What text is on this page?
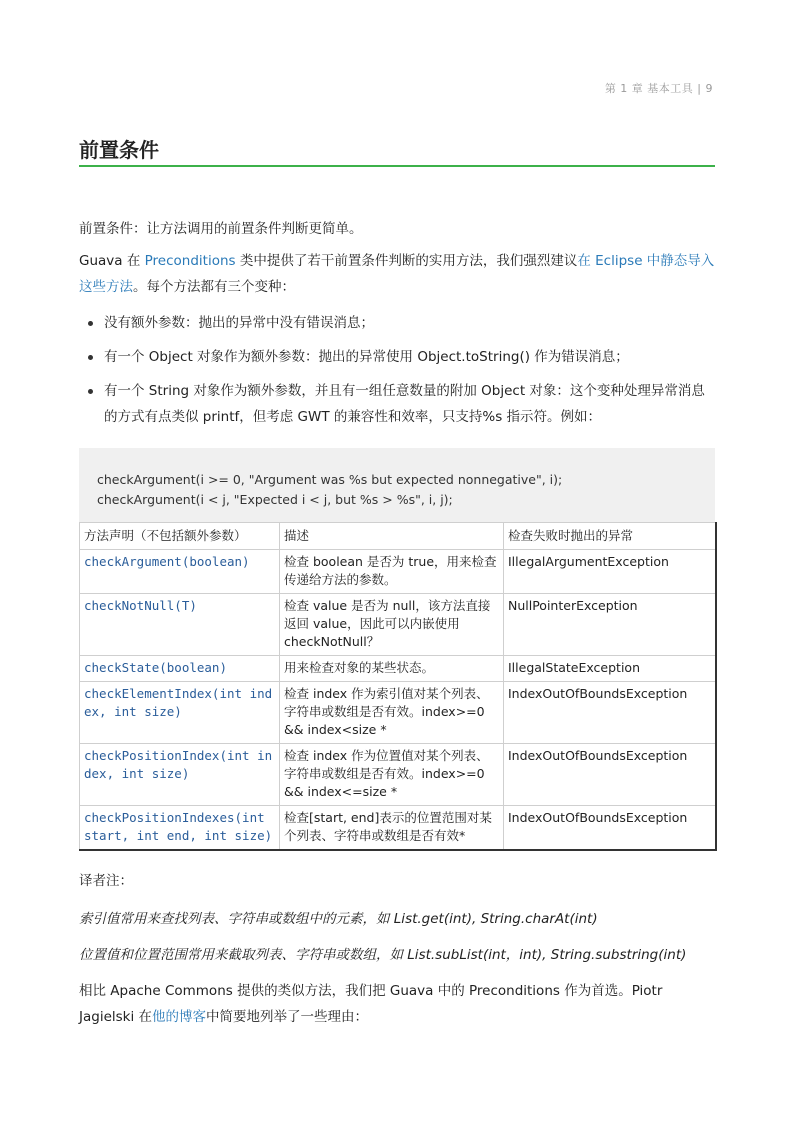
第 1 章 基本工具 | 9
前置条件

前置条件：让方法调用的前置条件判断更简单。

Guava 在 Preconditions 类中提供了若干前置条件判断的实用方法，我们强烈建议在 Eclipse 中静态导入这些方法。每个方法都有三个变种：

没有额外参数：抛出的异常中没有错误消息；
有一个 Object 对象作为额外参数：抛出的异常使用 Object.toString() 作为错误消息；
有一个 String 对象作为额外参数，并且有一组任意数量的附加 Object 对象：这个变种处理异常消息的方式有点类似 printf，但考虑 GWT 的兼容性和效率，只支持%s 指示符。例如：
checkArgument(i >= 0, "Argument was %s but expected nonnegative", i);
checkArgument(i < j, "Expected i < j, but %s > %s", i, j);
方法声明（不包括额外参数）	描述	检查失败时抛出的异常
checkArgument(boolean)	检查 boolean 是否为 true，用来检查传递给方法的参数。	IllegalArgumentException
checkNotNull(T)	检查 value 是否为 null，该方法直接返回 value，因此可以内嵌使用 checkNotNull？	NullPointerException
checkState(boolean)	用来检查对象的某些状态。	IllegalStateException
checkElementIndex(int index, int size)	检查 index 作为索引值对某个列表、字符串或数组是否有效。index>=0 && index<size *	IndexOutOfBoundsException
checkPositionIndex(int index, int size)	检查 index 作为位置值对某个列表、字符串或数组是否有效。index>=0 && index<=size *	IndexOutOfBoundsException
checkPositionIndexes(int start, int end, int size)	检查[start, end]表示的位置范围对某个列表、字符串或数组是否有效*	IndexOutOfBoundsException

译者注：

索引值常用来查找列表、字符串或数组中的元素，如 List.get(int), String.charAt(int)

位置值和位置范围常用来截取列表、字符串或数组，如 List.subList(int，int), String.substring(int)

相比 Apache Commons 提供的类似方法，我们把 Guava 中的 Preconditions 作为首选。Piotr Jagielski 在他的博客中简要地列举了一些理由：
